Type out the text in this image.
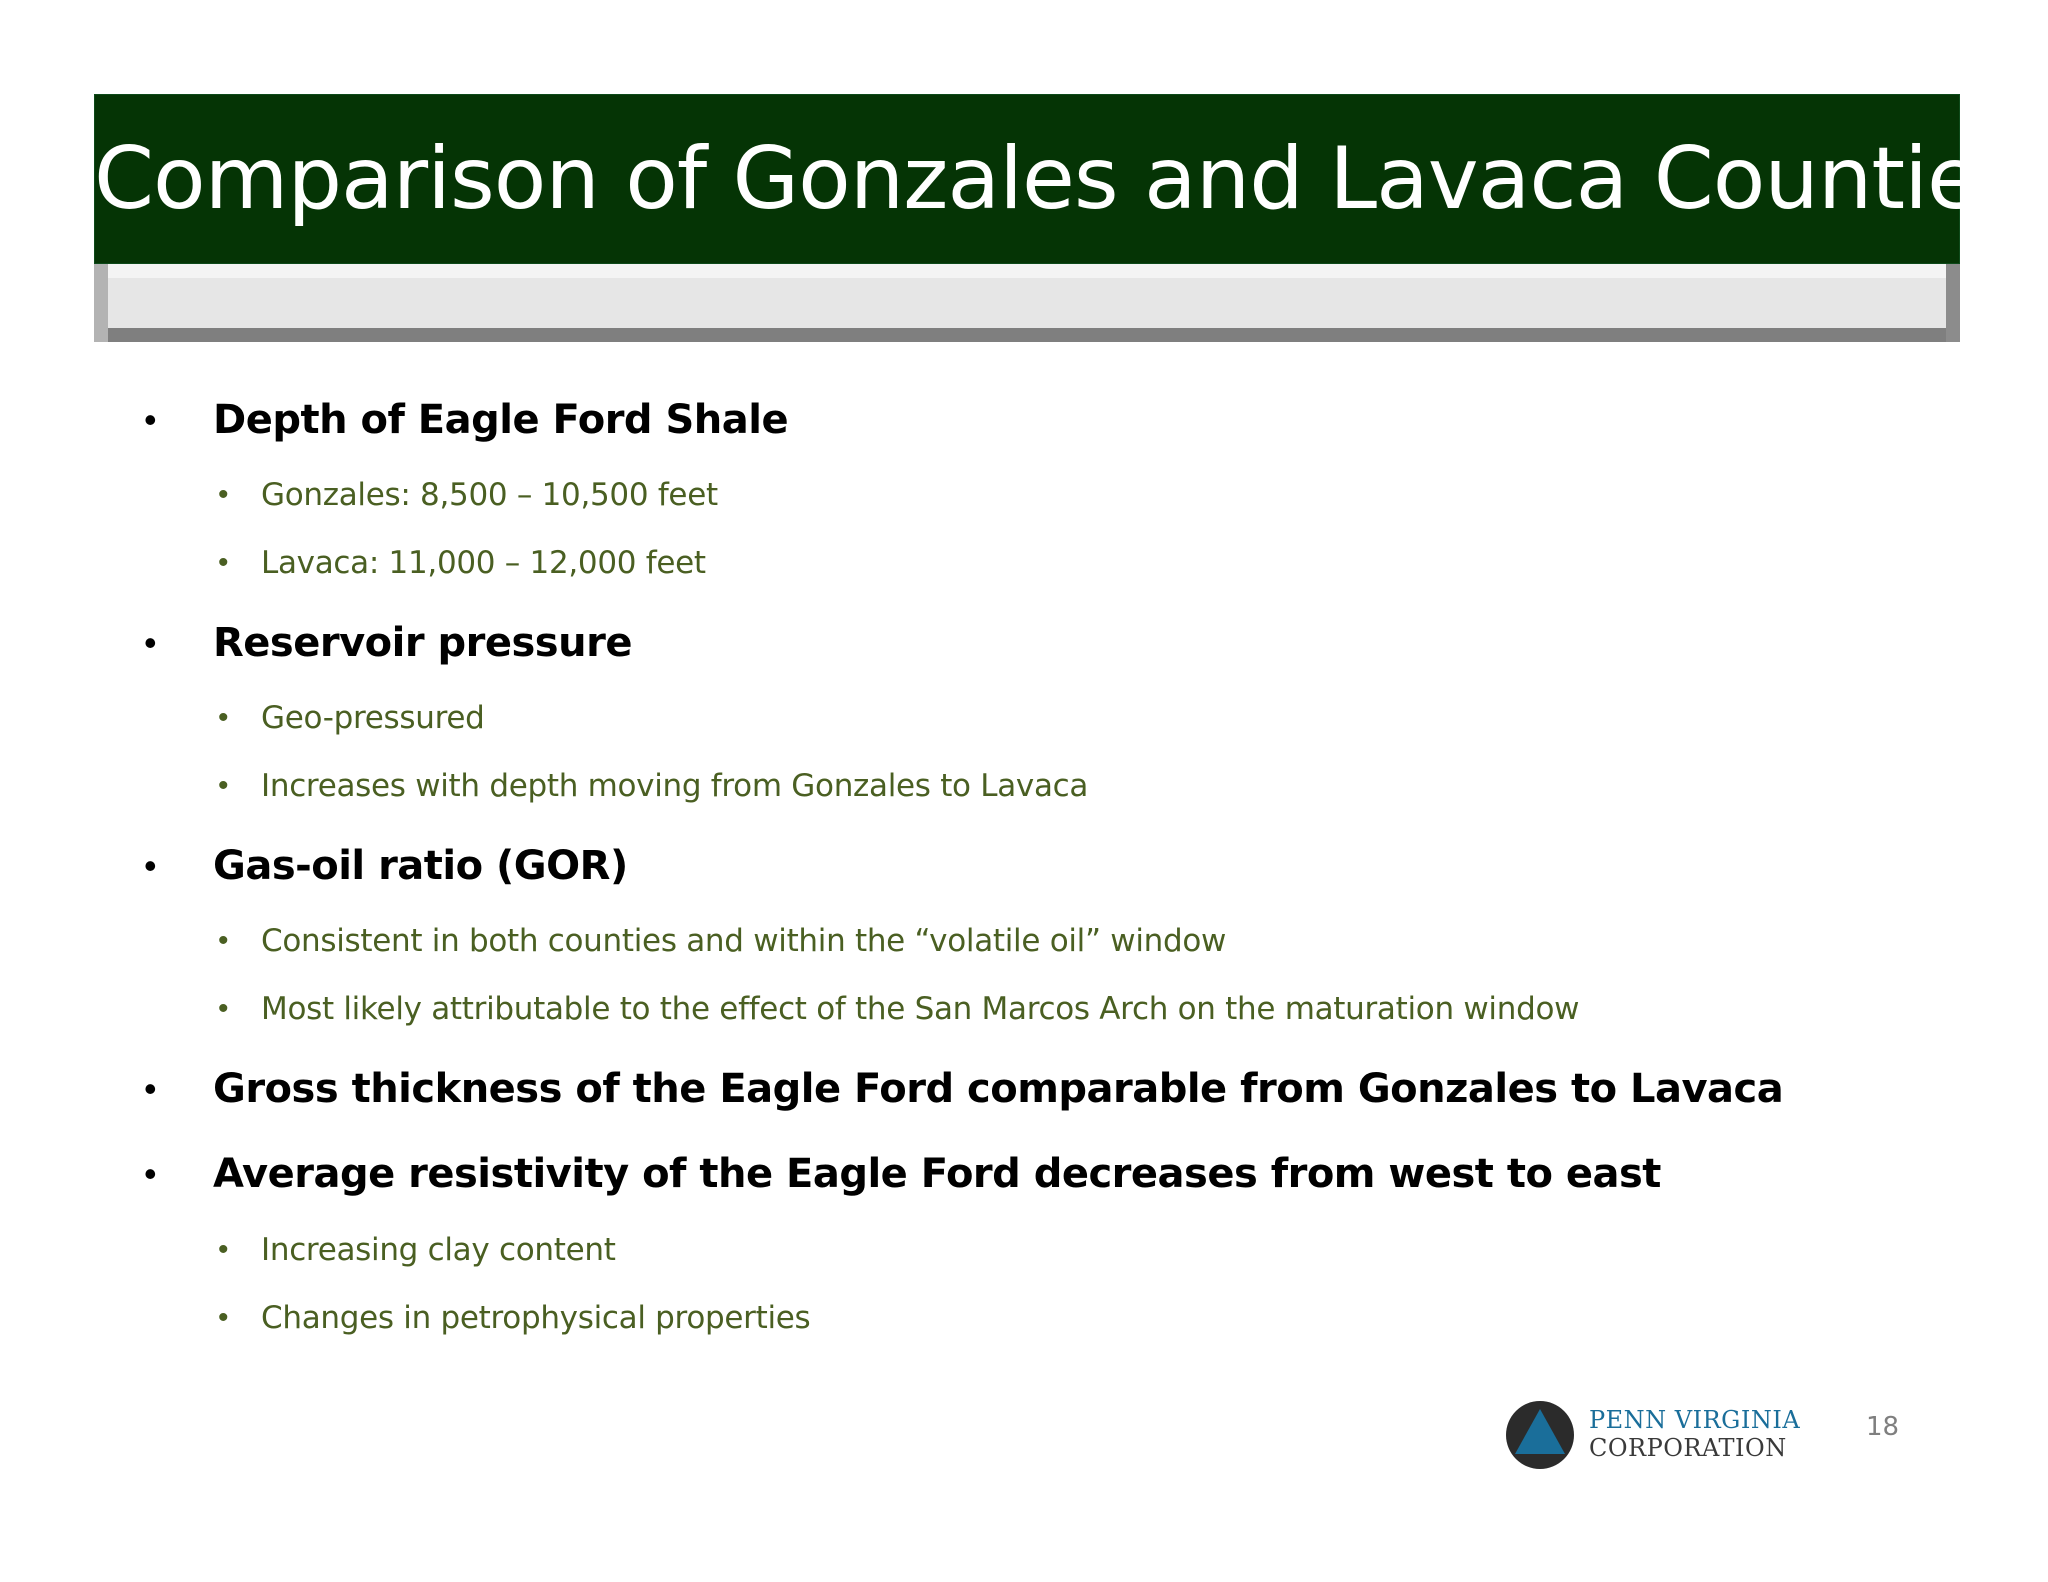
Comparison of Gonzales and Lavaca Counties
• Depth of Eagle Ford Shale
• Gonzales: 8,500 – 10,500 feet
• Lavaca: 11,000 – 12,000 feet
• Reservoir pressure
• Geo-pressured
• Increases with depth moving from Gonzales to Lavaca
• Gas-oil ratio (GOR)
• Consistent in both counties and within the “volatile oil” window
• Most likely attributable to the effect of the San Marcos Arch on the maturation window
• Gross thickness of the Eagle Ford comparable from Gonzales to Lavaca
• Average resistivity of the Eagle Ford decreases from west to east
• Increasing clay content
• Changes in petrophysical properties
PENN VIRGINIA
CORPORATION
18
